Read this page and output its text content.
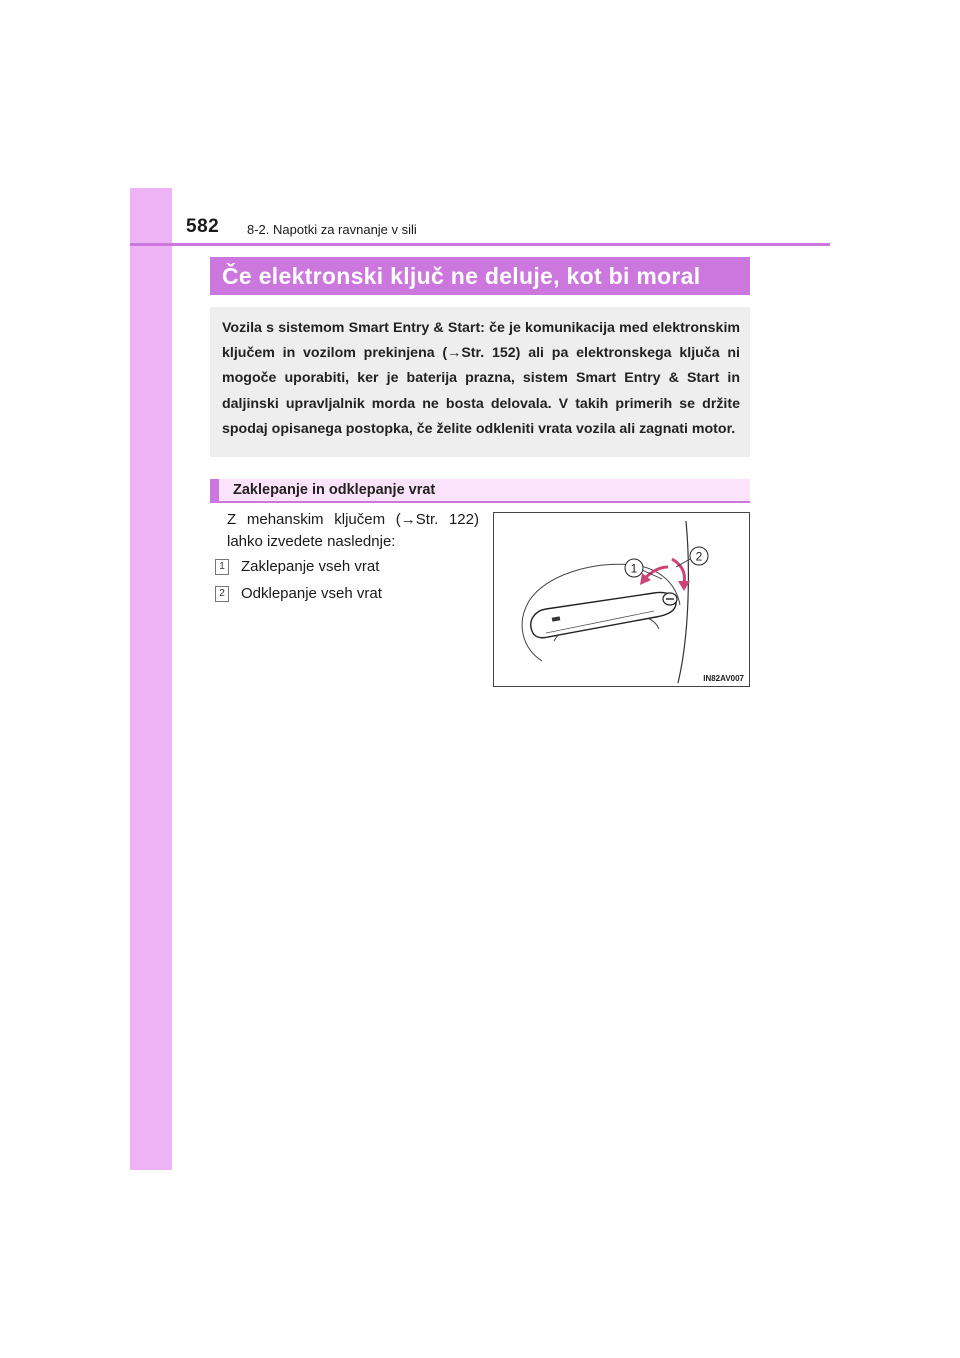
582 8-2. Napotki za ravnanje v sili
Če elektronski ključ ne deluje, kot bi moral

Vozila s sistemom Smart Entry & Start: če je komunikacija med elektronskim ključem in vozilom prekinjena (→Str. 152) ali pa elektronskega ključa ni mogoče uporabiti, ker je baterija prazna, sistem Smart Entry & Start in daljinski upravljalnik morda ne bosta delovala. V takih primerih se držite spodaj opisanega postopka, če želite odkleniti vrata vozila ali zagnati motor.

Zaklepanje in odklepanje vrat
Z mehanskim ključem (→Str. 122) lahko izvedete naslednje:
1 Zaklepanje vseh vrat
2 Odklepanje vseh vrat
1
2
IN82AV007
